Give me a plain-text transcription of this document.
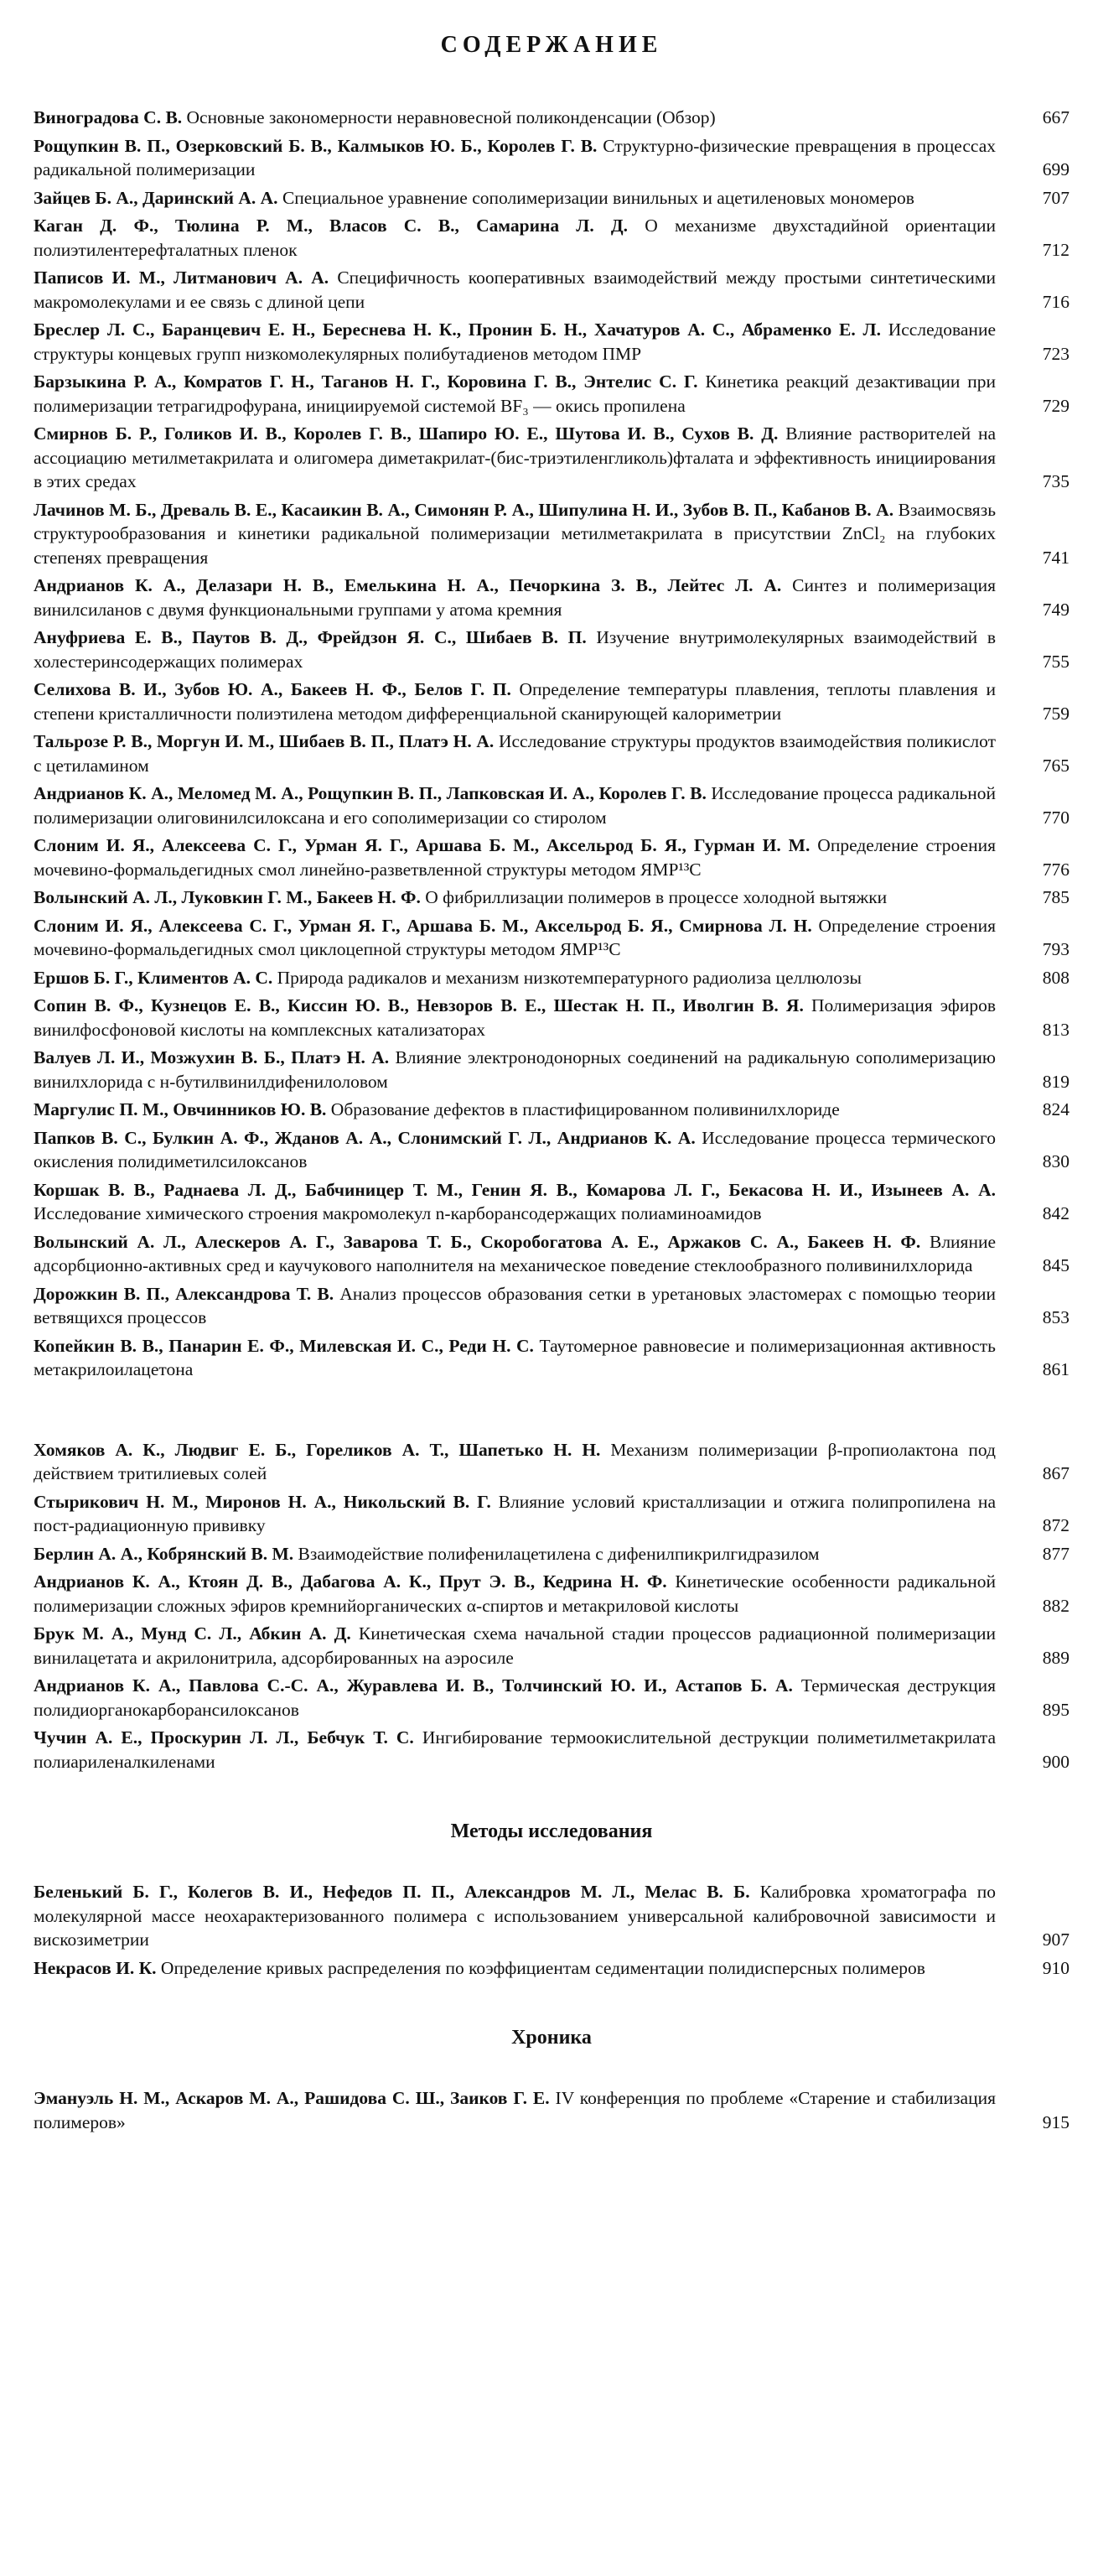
СОДЕРЖАНИЕ
Виноградова С. В. Основные закономерности неравновесной поликонденсации (Обзор)	667
Рощупкин В. П., Озерковский Б. В., Калмыков Ю. Б., Королев Г. В. Структурно-физические превращения в процессах радикальной полимеризации	699
Зайцев Б. А., Даринский А. А. Специальное уравнение сополимеризации винильных и ацетиленовых мономеров	707
Каган Д. Ф., Тюлина Р. М., Власов С. В., Самарина Л. Д. О механизме двухстадийной ориентации полиэтилентерефталатных пленок	712
Паписов И. М., Литманович А. А. Специфичность кооперативных взаимодействий между простыми синтетическими макромолекулами и ее связь с длиной цепи	716
Бреслер Л. С., Баранцевич Е. Н., Береснева Н. К., Пронин Б. Н., Хачатуров А. С., Абраменко Е. Л. Исследование структуры концевых групп низкомолекулярных полибутадиенов методом ПМР	723
Барзыкина Р. А., Комратов Г. Н., Таганов Н. Г., Коровина Г. В., Энтелис С. Г. Кинетика реакций дезактивации при полимеризации тетрагидрофурана, инициируемой системой BF₃ — окись пропилена	729
Смирнов Б. Р., Голиков И. В., Королев Г. В., Шапиро Ю. Е., Шутова И. В., Сухов В. Д. Влияние растворителей на ассоциацию метилметакрилата и олигомера диметакрилат-(бис-триэтиленгликоль)фталата и эффективность инициирования в этих средах	735
Лачинов М. Б., Древаль В. Е., Касаикин В. А., Симонян Р. А., Шипулина Н. И., Зубов В. П., Кабанов В. А. Взаимосвязь структурообразования и кинетики радикальной полимеризации метилметакрилата в присутствии ZnCl₂ на глубоких степенях превращения	741
Андрианов К. А., Делазари Н. В., Емелькина Н. А., Печоркина З. В., Лейтес Л. А. Синтез и полимеризация винилсиланов с двумя функциональными группами у атома кремния	749
Ануфриева Е. В., Паутов В. Д., Фрейдзон Я. С., Шибаев В. П. Изучение внутримолекулярных взаимодействий в холестеринсодержащих полимерах	755
Селихова В. И., Зубов Ю. А., Бакеев Н. Ф., Белов Г. П. Определение температуры плавления, теплоты плавления и степени кристалличности полиэтилена методом дифференциальной сканирующей калориметрии	759
Тальрозе Р. В., Моргун И. М., Шибаев В. П., Платэ Н. А. Исследование структуры продуктов взаимодействия поликислот с цетиламином	765
Андрианов К. А., Меломед М. А., Рощупкин В. П., Лапковская И. А., Королев Г. В. Исследование процесса радикальной полимеризации олиговинилсилоксана и его сополимеризации со стиролом	770
Слоним И. Я., Алексеева С. Г., Урман Я. Г., Аршава Б. М., Аксельрод Б. Я., Гурман И. М. Определение строения мочевино-формальдегидных смол линейно-разветвленной структуры методом ЯМР¹³С	776
Волынский А. Л., Луковкин Г. М., Бакеев Н. Ф. О фибриллизации полимеров в процессе холодной вытяжки	785
Слоним И. Я., Алексеева С. Г., Урман Я. Г., Аршава Б. М., Аксельрод Б. Я., Смирнова Л. Н. Определение строения мочевино-формальдегидных смол циклоцепной структуры методом ЯМР¹³С	793
Ершов Б. Г., Климентов А. С. Природа радикалов и механизм низкотемпературного радиолиза целлюлозы	808
Сопин В. Ф., Кузнецов Е. В., Киссин Ю. В., Невзоров В. Е., Шестак Н. П., Иволгин В. Я. Полимеризация эфиров винилфосфоновой кислоты на комплексных катализаторах	813
Валуев Л. И., Мозжухин В. Б., Платэ Н. А. Влияние электронодонорных соединений на радикальную сополимеризацию винилхлорида с н-бутилвинилдифенилоловом	819
Маргулис П. М., Овчинников Ю. В. Образование дефектов в пластифицированном поливинилхлориде	824
Папков В. С., Булкин А. Ф., Жданов А. А., Слонимский Г. Л., Андрианов К. А. Исследование процесса термического окисления полидиметилсилоксанов	830
Коршак В. В., Раднаева Л. Д., Бабчиницер Т. М., Генин Я. В., Комарова Л. Г., Бекасова Н. И., Изынеев А. А. Исследование химического строения макромолекул n-карборансодержащих полиаминоамидов	842
Волынский А. Л., Алескеров А. Г., Заварова Т. Б., Скоробогатова А. Е., Аржаков С. А., Бакеев Н. Ф. Влияние адсорбционно-активных сред и каучукового наполнителя на механическое поведение стеклообразного поливинилхлорида	845
Дорожкин В. П., Александрова Т. В. Анализ процессов образования сетки в уретановых эластомерах с помощью теории ветвящихся процессов	853
Копейкин В. В., Панарин Е. Ф., Милевская И. С., Реди Н. С. Таутомерное равновесие и полимеризационная активность метакрилоилацетона	861
Хомяков А. К., Людвиг Е. Б., Гореликов А. Т., Шапетько Н. Н. Механизм полимеризации β-пропиолактона под действием тритилиевых солей	867
Стырикович Н. М., Миронов Н. А., Никольский В. Г. Влияние условий кристаллизации и отжига полипропилена на пост-радиационную прививку	872
Берлин А. А., Кобрянский В. М. Взаимодействие полифенилацетилена с дифенилпикрилгидразилом	877
Андрианов К. А., Ктоян Д. В., Дабагова А. К., Прут Э. В., Кедрина Н. Ф. Кинетические особенности радикальной полимеризации сложных эфиров кремнийорганических α-спиртов и метакриловой кислоты	882
Брук М. А., Мунд С. Л., Абкин А. Д. Кинетическая схема начальной стадии процессов радиационной полимеризации винилацетата и акрилонитрила, адсорбированных на аэросиле	889
Андрианов К. А., Павлова С.-С. А., Журавлева И. В., Толчинский Ю. И., Астапов Б. А. Термическая деструкция полидиорганокарборансилоксанов	895
Чучин А. Е., Проскурин Л. Л., Бебчук Т. С. Ингибирование термоокислительной деструкции полиметилметакрилата полиариленалкиленами	900
Методы исследования
Беленький Б. Г., Колегов В. И., Нефедов П. П., Александров М. Л., Мелас В. Б. Калибровка хроматографа по молекулярной массе неохарактеризованного полимера с использованием универсальной калибровочной зависимости и вискозиметрии	907
Некрасов И. К. Определение кривых распределения по коэффициентам седиментации полидисперсных полимеров	910
Хроника
Эмануэль Н. М., Аскаров М. А., Рашидова С. Ш., Заиков Г. Е. IV конференция по проблеме «Старение и стабилизация полимеров»	915
